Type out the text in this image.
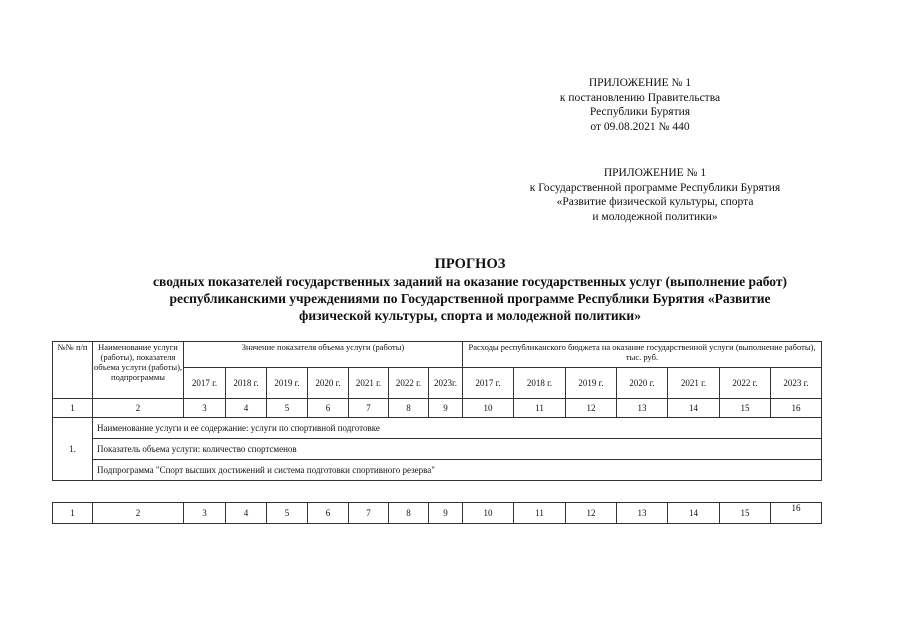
ПРИЛОЖЕНИЕ № 1
к постановлению Правительства
Республики Бурятия
от 09.08.2021 № 440
ПРИЛОЖЕНИЕ № 1
к Государственной программе Республики Бурятия
«Развитие физической культуры, спорта
и молодежной политики»
ПРОГНОЗ
сводных показателей государственных заданий на оказание государственных услуг (выполнение работ)
республиканскими учреждениями по Государственной программе Республики Бурятия «Развитие
физической культуры, спорта и молодежной политики»
№№ п/п	Наименование услуги (работы), показателя объема услуги (работы), подпрограммы	Значение показателя объема услуги (работы)							Расходы республиканского бюджета на оказание государственной услуги (выполнение работы), тыс. руб.						
		2017 г.	2018 г.	2019 г.	2020 г.	2021 г.	2022 г.	2023г.	2017 г.	2018 г.	2019 г.	2020 г.	2021 г.	2022 г.	2023 г.
1	2	3	4	5	6	7	8	9	10	11	12	13	14	15	16
1.	Наименование услуги и ее содержание: услуги по спортивной подготовке														
	Показатель объема услуги: количество спортсменов														
	Подпрограмма "Спорт высших достижений и система подготовки спортивного резерва"														
1	2	3	4	5	6	7	8	9	10	11	12	13	14	15	16
